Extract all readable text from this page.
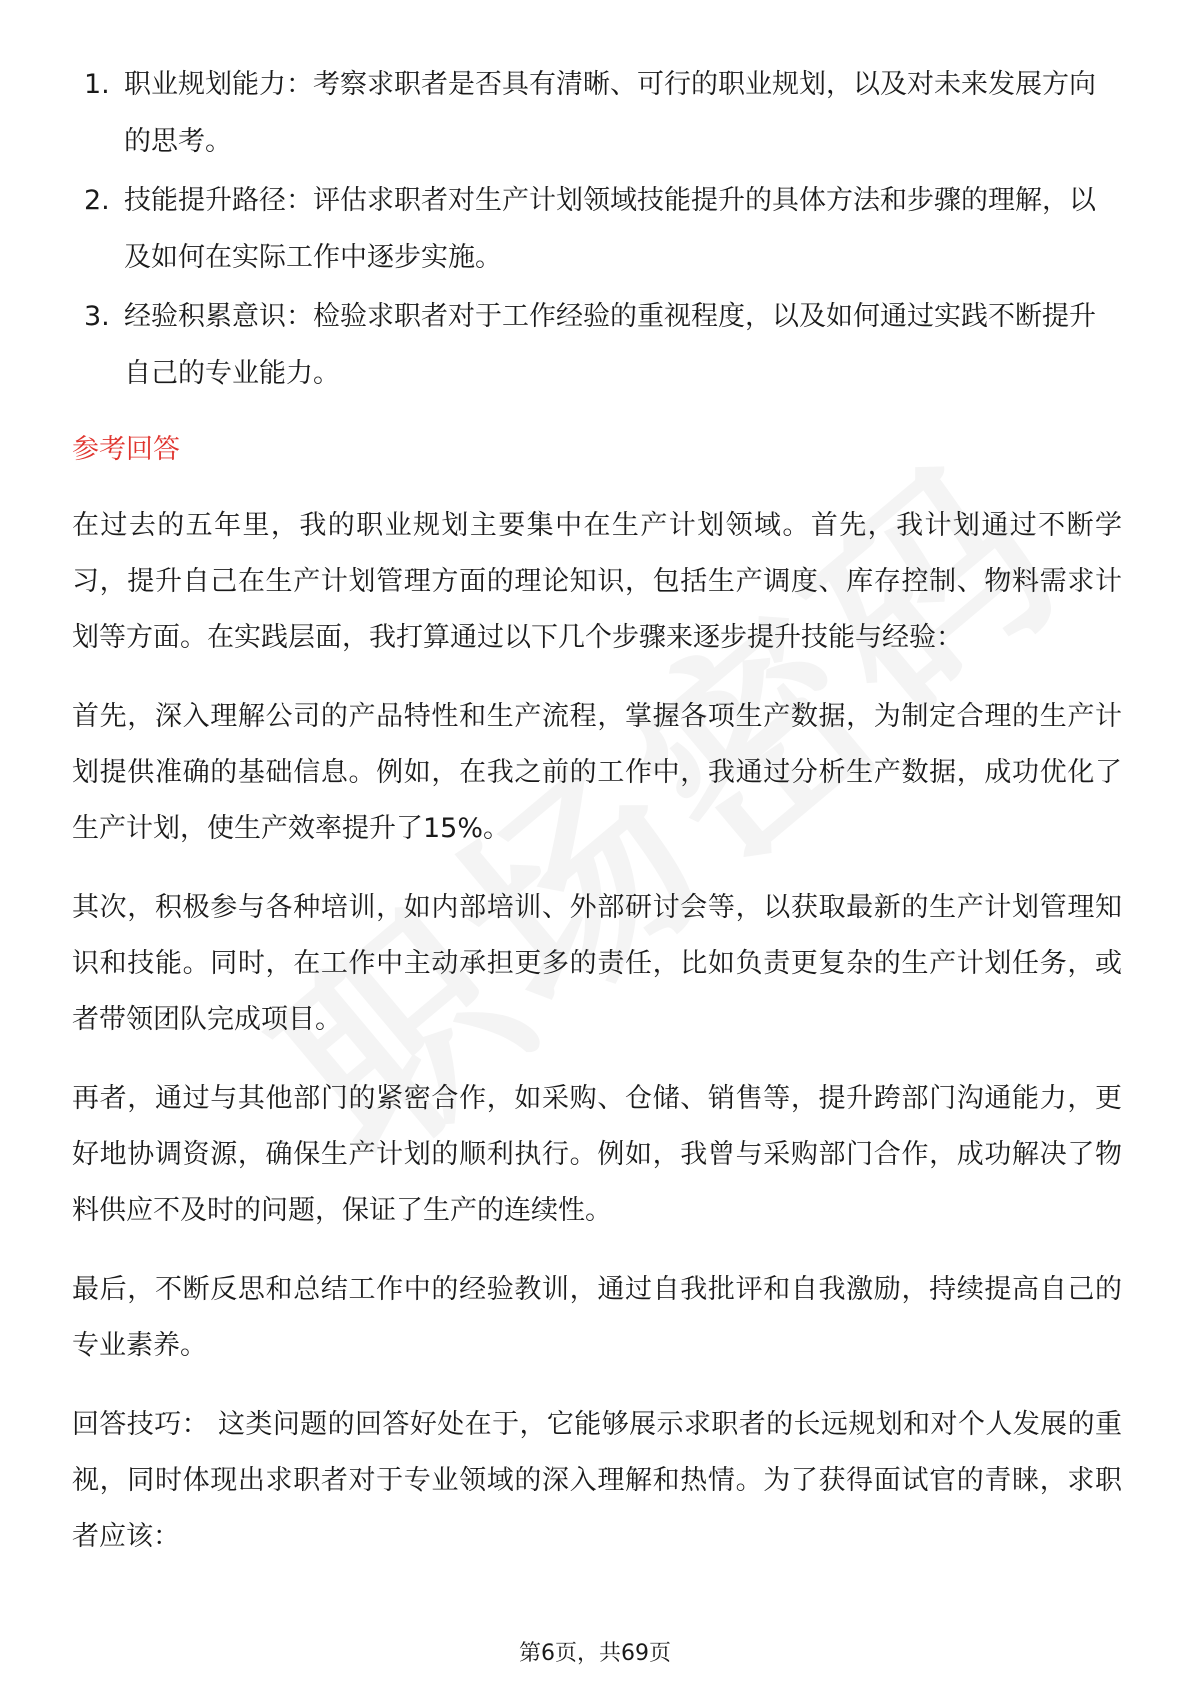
1. 职业规划能力：考察求职者是否具有清晰、可行的职业规划，以及对未来发展方向的思考。
2. 技能提升路径：评估求职者对生产计划领域技能提升的具体方法和步骤的理解，以及如何在实际工作中逐步实施。
3. 经验积累意识：检验求职者对于工作经验的重视程度，以及如何通过实践不断提升自己的专业能力。
参考回答

在过去的五年里，我的职业规划主要集中在生产计划领域。首先，我计划通过不断学习，提升自己在生产计划管理方面的理论知识，包括生产调度、库存控制、物料需求计划等方面。在实践层面，我打算通过以下几个步骤来逐步提升技能与经验：

首先，深入理解公司的产品特性和生产流程，掌握各项生产数据，为制定合理的生产计划提供准确的基础信息。例如，在我之前的工作中，我通过分析生产数据，成功优化了生产计划，使生产效率提升了15%。

其次，积极参与各种培训，如内部培训、外部研讨会等，以获取最新的生产计划管理知识和技能。同时，在工作中主动承担更多的责任，比如负责更复杂的生产计划任务，或者带领团队完成项目。

再者，通过与其他部门的紧密合作，如采购、仓储、销售等，提升跨部门沟通能力，更好地协调资源，确保生产计划的顺利执行。例如，我曾与采购部门合作，成功解决了物料供应不及时的问题，保证了生产的连续性。

最后，不断反思和总结工作中的经验教训，通过自我批评和自我激励，持续提高自己的专业素养。

回答技巧： 这类问题的回答好处在于，它能够展示求职者的长远规划和对个人发展的重视，同时体现出求职者对于专业领域的深入理解和热情。为了获得面试官的青睐，求职者应该：

第6页，共69页
